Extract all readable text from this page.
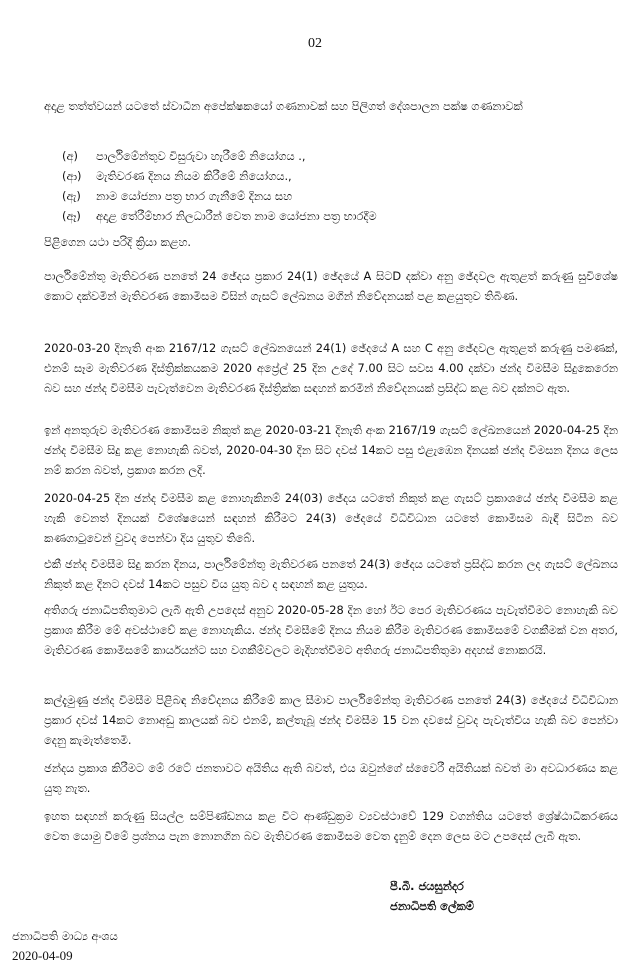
02

අදාළ තත්ත්වයන් යටතේ ස්වාධීන අපේක්ෂකයෝ ගණනාවක් සහ පිලිගත් දේශපාලන පක්ෂ ගණනාවක්

(අ)	පාර්ලිමේන්තුව විසුරුවා හැරීමේ නියෝගය .,
(ආ)	මැතිවරණ දිනය නියම කිරීමේ නියෝගය.,
(ඇ)	නාම යෝජනා පත්‍ර භාර ගැනීමේ දිනය සහ
(ඈ)	අදාළ තේරීම්භාර නිලධාරීන් වෙත නාම යෝජනා පත්‍ර භාරදීම

පිළිගෙන යථා පරිදි ක්‍රියා කළහ.

පාර්ලිමේන්තු මැතිවරණ පනතේ 24 ඡේදය ප්‍රකාර 24(1) ඡේදයේ A සිටD දක්වා අනු ඡේදවල ඇතුළත් කරුණු සුවිශේෂ කොට දක්වමින් මැතිවරණ කොමිසම විසින් ගැසට් ලේඛනය මගින් නිවේදනයක් පළ කළයුතුව තිබිණ.

2020-03-20 දිනැති අංක 2167/12 ගැසට් ලේඛනයෙන් 24(1) ඡේදයේ A සහ C අනු ඡේදවල ඇතුළත් කරුණු පමණක්, එනම් සෑම මැතිවරණ දිස්ත්‍රික්කයකම 2020 අප්‍රේල් 25 දින උදේ 7.00 සිට සවස 4.00 දක්වා ඡන්ද විමසීම සිදුකෙරෙන බව සහ ඡන්ද විමසීම පැවැත්වෙන මැතිවරණ දිස්ත්‍රික්ක සඳහන් කරමින් නිවේදනයක් ප්‍රසිද්ධ කළ බව දක්නට ඇත.

ඉන් අනතුරුව මැතිවරණ කොමිසම නිකුත් කළ 2020-03-21 දිනැති අංක 2167/19 ගැසට් ලේඛනයෙන් 2020-04-25 දින ඡන්ද විමසීම සිදු කළ නොහැකි බවත්, 2020-04-30 දින සිට දවස් 14කට පසු එළැඹෙන දිනයක් ඡන්ද විමසන දිනය ලෙස නම් කරන බවත්, ප්‍රකාශ කරන ලදි.

2020-04-25 දින ඡන්ද විමසීම කළ නොහැකිනම් 24(03) ඡේදය යටතේ නිකුත් කළ ගැසට් ප්‍රකාශයේ ඡන්ද විමසීම කළ හැකි වෙනත් දිනයක් විශේෂයෙන් සඳහන් කිරීමට 24(3) ඡේදයේ විධිවිධාන යටතේ කොමිසම බැඳී සිටින බව කණගාටුවෙන් වුවද පෙන්වා දිය යුතුව තිබේ.

එකී ඡන්ද විමසීම සිදු කරන දිනය, පාර්ලිමේන්තු මැතිවරණ පනතේ 24(3) ඡේදය යටතේ ප්‍රසිද්ධ කරන ලද ගැසට් ලේඛනය නිකුත් කළ දිනට දවස් 14කට පසුව විය යුතු බව ද සඳහන් කළ යුතුය.

අතිගරු ජනාධිපතිතුමාට ලැබී ඇති උපදෙස් අනුව 2020-05-28 දින හෝ ඊට පෙර මැතිවරණය පැවැත්වීමට නොහැකි බව ප්‍රකාශ කිරීම මේ අවස්ථාවේ කළ නොහැකිය. ඡන්ද විමසීමේ දිනය නියම කිරීම මැතිවරණ කොමිසමේ වගකීමක් වන අතර, මැතිවරණ කොමිසමේ කාර්යයන්ට සහ වගකීම්වලට මැදිහත්වීමට අතිගරු ජනාධිපතිතුමා අදහස් නොකරයි.

කල්දැමුණු ඡන්ද විමසීම පිළිබඳ නිවේදනය කිරීමේ කාල සීමාව පාර්ලිමේන්තු මැතිවරණ පනතේ 24(3) ඡේදයේ විධිවිධාන ප්‍රකාර දවස් 14කට නොඅඩු කාලයක් බව එනම්, කල්තැබූ ඡන්ද විමසීම 15 වන දවසේ වුවද පැවැත්විය හැකි බව පෙන්වා දෙනු කැමැත්තෙමි.

ඡන්දය ප්‍රකාශ කිරීමට මේ රටේ ජනතාවට අයිතිය ඇති බවත්, එය ඔවුන්ගේ ස්වෛරී අයිතියක් බවත් මා අවධාරණය කළ යුතු නැත.

ඉහත සඳහන් කරුණු සියල්ල සම්පිණ්ඩනය කළ විට ආණ්ඩුක්‍රම ව්‍යවස්ථාවේ 129 වගන්තිය යටතේ ශ්‍රේෂ්ඨාධිකරණය වෙත යොමු වීමේ ප්‍රශ්නය පැන නොනගින බව මැතිවරණ කොමිසම වෙත දැනුම් දෙන ලෙස මට උපදෙස් ලැබී ඇත.

පී.බී. ජයසුන්දර
ජනාධිපති ලේකම්
ජනාධිපති මාධ්‍ය අංශය
2020-04-09
